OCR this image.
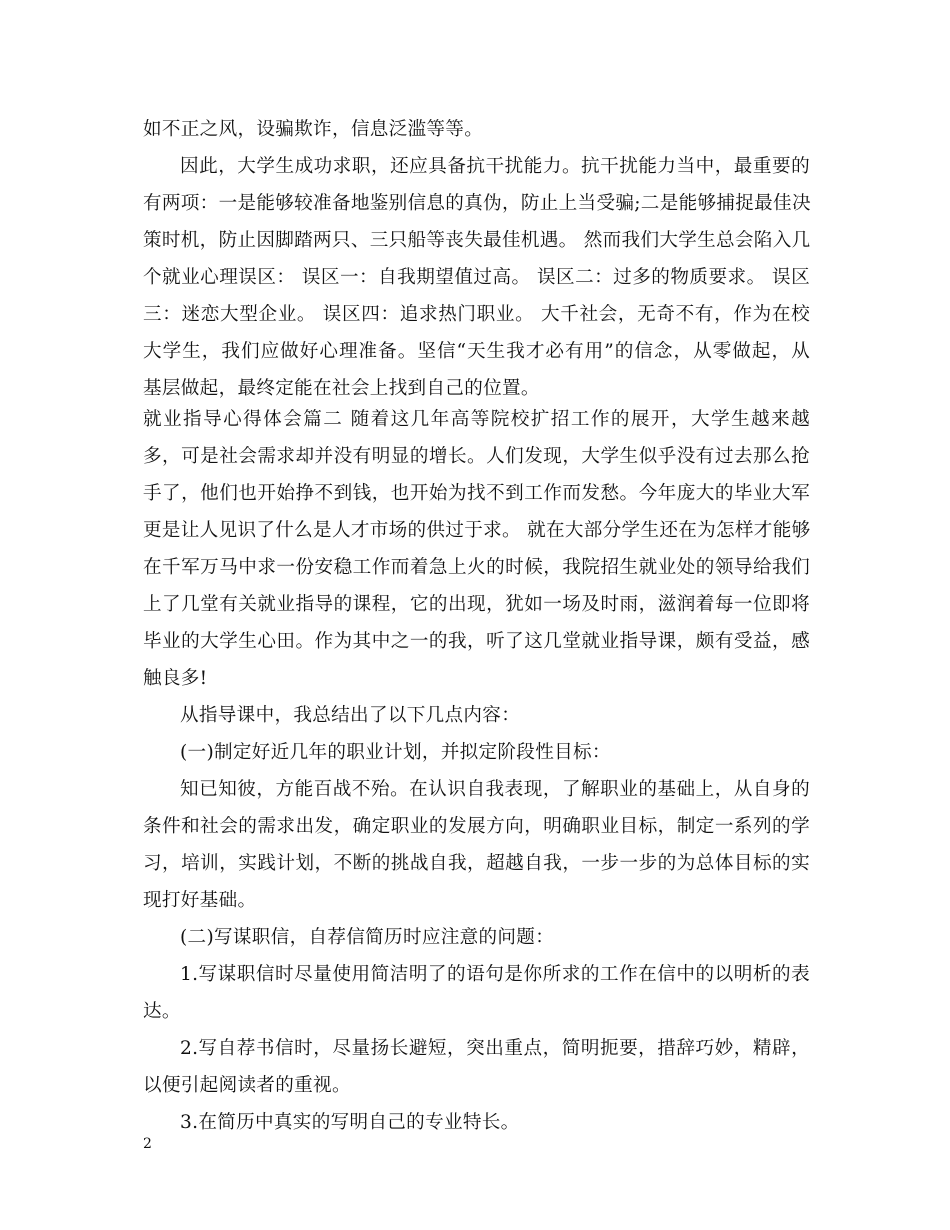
如不正之风，设骗欺诈，信息泛滥等等。
因此，大学生成功求职，还应具备抗干扰能力。抗干扰能力当中，最重要的
有两项：一是能够较准备地鉴别信息的真伪，防止上当受骗;二是能够捕捉最佳决
策时机，防止因脚踏两只、三只船等丧失最佳机遇。 然而我们大学生总会陷入几
个就业心理误区： 误区一：自我期望值过高。 误区二：过多的物质要求。 误区
三：迷恋大型企业。 误区四：追求热门职业。 大千社会，无奇不有，作为在校
大学生，我们应做好心理准备。坚信“天生我才必有用”的信念，从零做起，从
基层做起，最终定能在社会上找到自己的位置。
就业指导心得体会篇二 随着这几年高等院校扩招工作的展开，大学生越来越
多，可是社会需求却并没有明显的增长。人们发现，大学生似乎没有过去那么抢
手了，他们也开始挣不到钱，也开始为找不到工作而发愁。今年庞大的毕业大军
更是让人见识了什么是人才市场的供过于求。 就在大部分学生还在为怎样才能够
在千军万马中求一份安稳工作而着急上火的时候，我院招生就业处的领导给我们
上了几堂有关就业指导的课程，它的出现，犹如一场及时雨，滋润着每一位即将
毕业的大学生心田。作为其中之一的我，听了这几堂就业指导课，颇有受益，感
触良多!
从指导课中，我总结出了以下几点内容：
(一)制定好近几年的职业计划，并拟定阶段性目标：
知已知彼，方能百战不殆。在认识自我表现，了解职业的基础上，从自身的
条件和社会的需求出发，确定职业的发展方向，明确职业目标，制定一系列的学
习，培训，实践计划，不断的挑战自我，超越自我，一步一步的为总体目标的实
现打好基础。
(二)写谋职信，自荐信简历时应注意的问题：
1.写谋职信时尽量使用简洁明了的语句是你所求的工作在信中的以明析的表
达。
2.写自荐书信时，尽量扬长避短，突出重点，简明扼要，措辞巧妙，精辟，
以便引起阅读者的重视。
3.在简历中真实的写明自己的专业特长。
2
